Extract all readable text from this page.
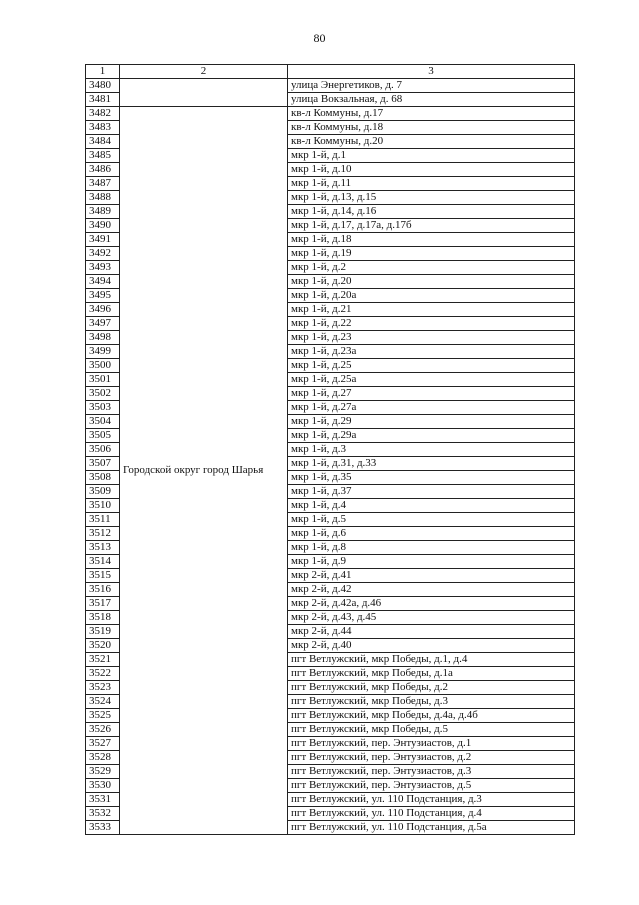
80
1	2	3
3480		улица Энергетиков, д. 7
3481		улица Вокзальная, д. 68
3482	Городской округ город Шарья	кв-л Коммуны, д.17
3483		кв-л Коммуны, д.18
3484		кв-л Коммуны, д.20
3485		мкр 1-й, д.1
3486		мкр 1-й, д.10
3487		мкр 1-й, д.11
3488		мкр 1-й, д.13, д.15
3489		мкр 1-й, д.14, д.16
3490		мкр 1-й, д.17, д.17а, д.17б
3491		мкр 1-й, д.18
3492		мкр 1-й, д.19
3493		мкр 1-й, д.2
3494		мкр 1-й, д.20
3495		мкр 1-й, д.20а
3496		мкр 1-й, д.21
3497		мкр 1-й, д.22
3498		мкр 1-й, д.23
3499		мкр 1-й, д.23а
3500		мкр 1-й, д.25
3501		мкр 1-й, д.25а
3502		мкр 1-й, д.27
3503		мкр 1-й, д.27а
3504		мкр 1-й, д.29
3505		мкр 1-й, д.29а
3506		мкр 1-й, д.3
3507		мкр 1-й, д.31, д.33
3508		мкр 1-й, д.35
3509		мкр 1-й, д.37
3510		мкр 1-й, д.4
3511		мкр 1-й, д.5
3512		мкр 1-й, д.6
3513		мкр 1-й, д.8
3514		мкр 1-й, д.9
3515		мкр 2-й, д.41
3516		мкр 2-й, д.42
3517		мкр 2-й, д.42а, д.46
3518		мкр 2-й, д.43, д.45
3519		мкр 2-й, д.44
3520		мкр 2-й, д.40
3521		пгт Ветлужский, мкр Победы, д.1, д.4
3522		пгт Ветлужский, мкр Победы, д.1а
3523		пгт Ветлужский, мкр Победы, д.2
3524		пгт Ветлужский, мкр Победы, д.3
3525		пгт Ветлужский, мкр Победы, д.4а, д.4б
3526		пгт Ветлужский, мкр Победы, д.5
3527		пгт Ветлужский, пер. Энтузиастов, д.1
3528		пгт Ветлужский, пер. Энтузиастов, д.2
3529		пгт Ветлужский, пер. Энтузиастов, д.3
3530		пгт Ветлужский, пер. Энтузиастов, д.5
3531		пгт Ветлужский, ул. 110 Подстанция, д.3
3532		пгт Ветлужский, ул. 110 Подстанция, д.4
3533		пгт Ветлужский, ул. 110 Подстанция, д.5а
